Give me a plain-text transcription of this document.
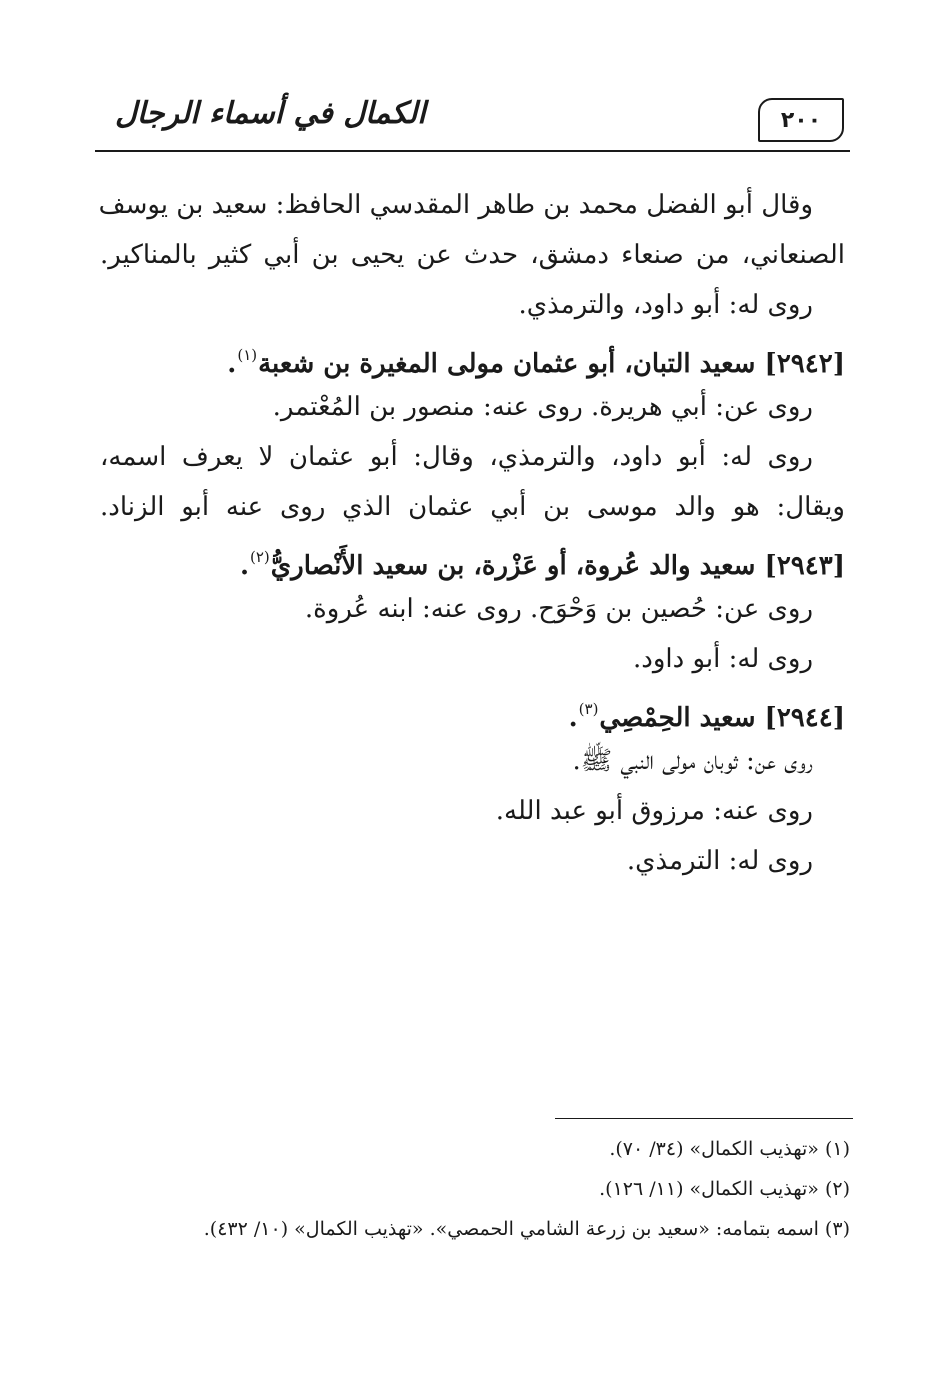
الكمال في أسماء الرجال	٢٠٠
وقال أبو الفضل محمد بن طاهر المقدسي الحافظ: سعيد بن يوسف
الصنعاني، من صنعاء دمشق، حدث عن يحيى بن أبي كثير بالمناكير.
روى له: أبو داود، والترمذي.
[٢٩٤٢] سعيد التبان، أبو عثمان مولى المغيرة بن شعبة$^{(١)}$.
روى عن: أبي هريرة. روى عنه: منصور بن المُعْتمر.
روى له: أبو داود، والترمذي، وقال: أبو عثمان لا يعرف اسمه،
ويقال: هو والد موسى بن أبي عثمان الذي روى عنه أبو الزناد.
[٢٩٤٣] سعيد والد عُروة، أو عَزْرة، بن سعيد الأَنْصاريُّ$^{(٢)}$.
روى عن: حُصين بن وَحْوَح. روى عنه: ابنه عُروة.
روى له: أبو داود.
[٢٩٤٤] سعيد الحِمْصِي$^{(٣)}$.
روى عن: ثوبان مولى النبي ﷺ.
روى عنه: مرزوق أبو عبد الله.
روى له: الترمذي.
(١) «تهذيب الكمال» (٣٤/ ٧٠).
(٢) «تهذيب الكمال» (١١/ ١٢٦).
(٣) اسمه بتمامه: «سعيد بن زرعة الشامي الحمصي». «تهذيب الكمال» (١٠/ ٤٣٢).
